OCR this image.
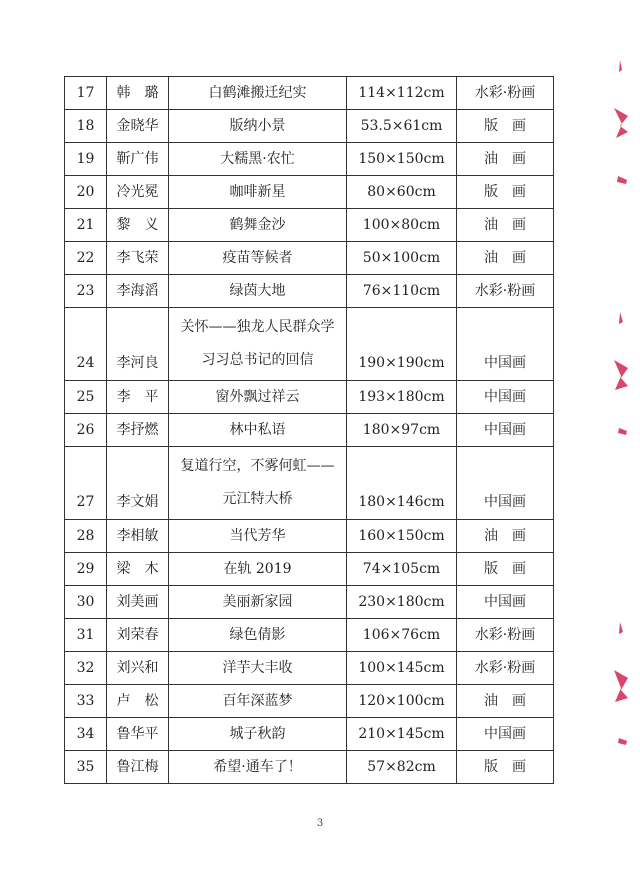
17	韩　璐	白鹤滩搬迁纪实	114×112cm	水彩·粉画
18	金晓华	版纳小景	53.5×61cm	版　画
19	靳广伟	大糯黑·农忙	150×150cm	油　画
20	冷光冕	咖啡新星	80×60cm	版　画
21	黎　义	鹤舞金沙	100×80cm	油　画
22	李飞荣	疫苗等候者	50×100cm	油　画
23	李海滔	绿茵大地	76×110cm	水彩·粉画
24	李河良	关怀——独龙人民群众学习习总书记的回信	190×190cm	中国画
25	李　平	窗外飘过祥云	193×180cm	中国画
26	李抒燃	林中私语	180×97cm	中国画
27	李文娟	复道行空，不雾何虹——元江特大桥	180×146cm	中国画
28	李相敏	当代芳华	160×150cm	油　画
29	梁　木	在轨 2019	74×105cm	版　画
30	刘美画	美丽新家园	230×180cm	中国画
31	刘荣春	绿色倩影	106×76cm	水彩·粉画
32	刘兴和	洋芋大丰收	100×145cm	水彩·粉画
33	卢　松	百年深蓝梦	120×100cm	油　画
34	鲁华平	城子秋韵	210×145cm	中国画
35	鲁江梅	希望·通车了！	57×82cm	版　画
3
